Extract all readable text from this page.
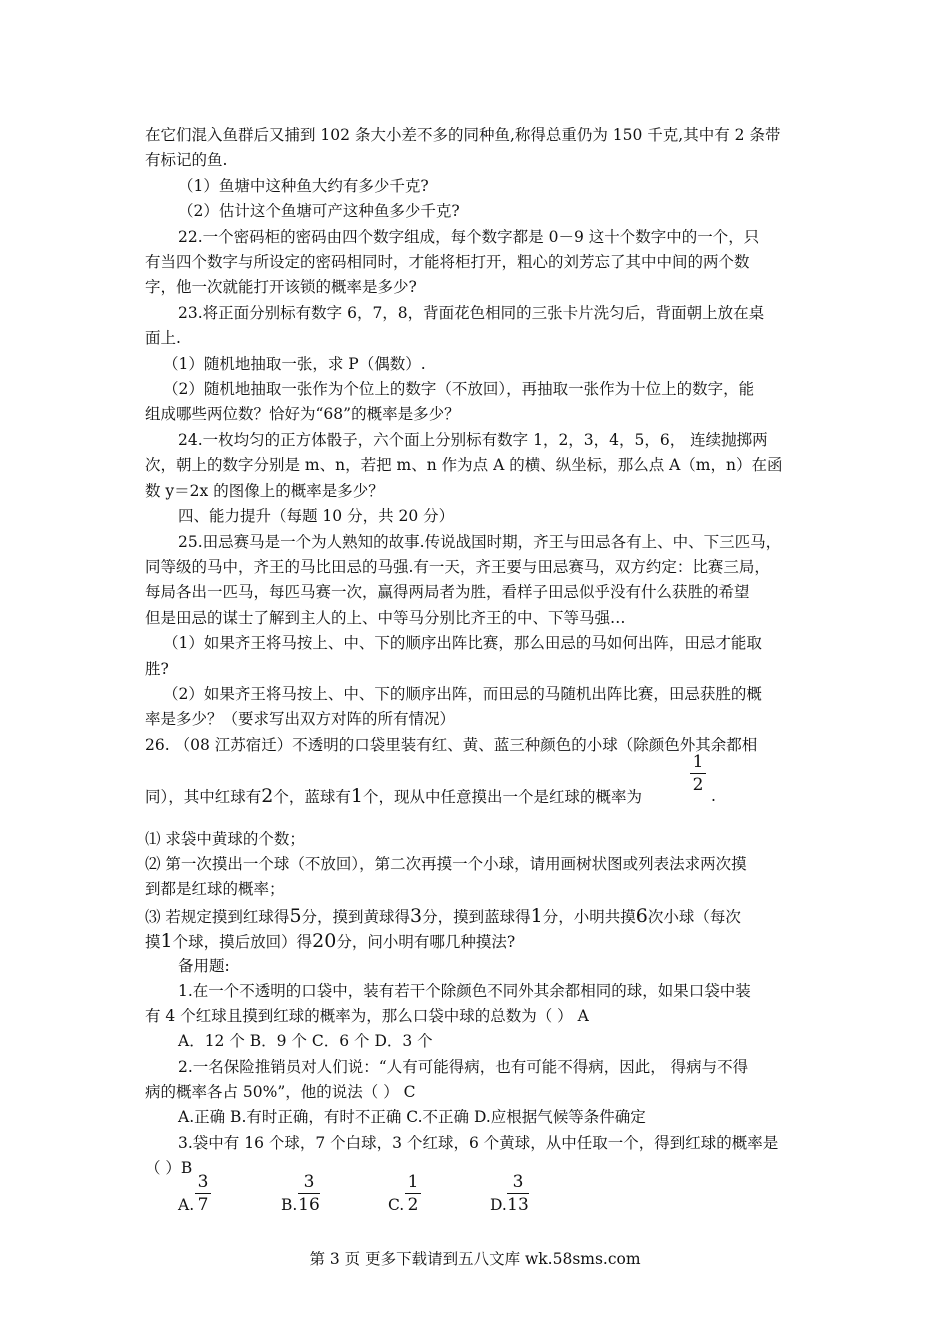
在它们混入鱼群后又捕到 102 条大小差不多的同种鱼,称得总重仍为 150 千克,其中有 2 条带
有标记的鱼.
（1）鱼塘中这种鱼大约有多少千克?
（2）估计这个鱼塘可产这种鱼多少千克?
22.一个密码柜的密码由四个数字组成，每个数字都是 0－9 这十个数字中的一个，只
有当四个数字与所设定的密码相同时，才能将柜打开，粗心的刘芳忘了其中中间的两个数
字，他一次就能打开该锁的概率是多少?
23.将正面分别标有数字 6，7，8，背面花色相同的三张卡片洗匀后，背面朝上放在桌
面上.
（1）随机地抽取一张，求 P（偶数）.
（2）随机地抽取一张作为个位上的数字（不放回），再抽取一张作为十位上的数字，能
组成哪些两位数？恰好为“68”的概率是多少？
24.一枚均匀的正方体骰子，六个面上分别标有数字 1，2，3，4，5，6， 连续抛掷两
次，朝上的数字分别是 m、n，若把 m、n 作为点 A 的横、纵坐标，那么点 A（m，n）在函
数 y＝2x 的图像上的概率是多少？
四、能力提升（每题 10 分，共 20 分）
25.田忌赛马是一个为人熟知的故事.传说战国时期，齐王与田忌各有上、中、下三匹马，
同等级的马中，齐王的马比田忌的马强.有一天，齐王要与田忌赛马，双方约定：比赛三局，
每局各出一匹马，每匹马赛一次，赢得两局者为胜，看样子田忌似乎没有什么获胜的希望
但是田忌的谋士了解到主人的上、中等马分别比齐王的中、下等马强…
（1）如果齐王将马按上、中、下的顺序出阵比赛，那么田忌的马如何出阵，田忌才能取
胜?
（2）如果齐王将马按上、中、下的顺序出阵，而田忌的马随机出阵比赛，田忌获胜的概
率是多少？（要求写出双方对阵的所有情况）
26. （08 江苏宿迁）不透明的口袋里装有红、黄、蓝三种颜色的小球（除颜色外其余都相
同），其中红球有2个，蓝球有1个，现从中任意摸出一个是红球的概率为
1
2
.
⑴ 求袋中黄球的个数；
⑵ 第一次摸出一个球（不放回），第二次再摸一个小球，请用画树状图或列表法求两次摸
到都是红球的概率；
⑶ 若规定摸到红球得5分，摸到黄球得3分，摸到蓝球得1分，小明共摸6次小球（每次
摸1个球，摸后放回）得20分，问小明有哪几种摸法?
备用题:
1.在一个不透明的口袋中，装有若干个除颜色不同外其余都相同的球，如果口袋中装
有 4 个红球且摸到红球的概率为，那么口袋中球的总数为（ ） A
A．12 个 B．9 个 C．6 个 D．3 个
2.一名保险推销员对人们说：“人有可能得病，也有可能不得病，因此， 得病与不得
病的概率各占 50%”，他的说法（ ） C
A.正确 B.有时正确，有时不正确 C.不正确 D.应根据气候等条件确定
3.袋中有 16 个球，7 个白球，3 个红球，6 个黄球，从中任取一个，得到红球的概率是
（ ）B
A.
3
7	B.
3
16	C.
1
2	D.
3
13
第 3 页 更多下载请到五八文库 wk.58sms.com
